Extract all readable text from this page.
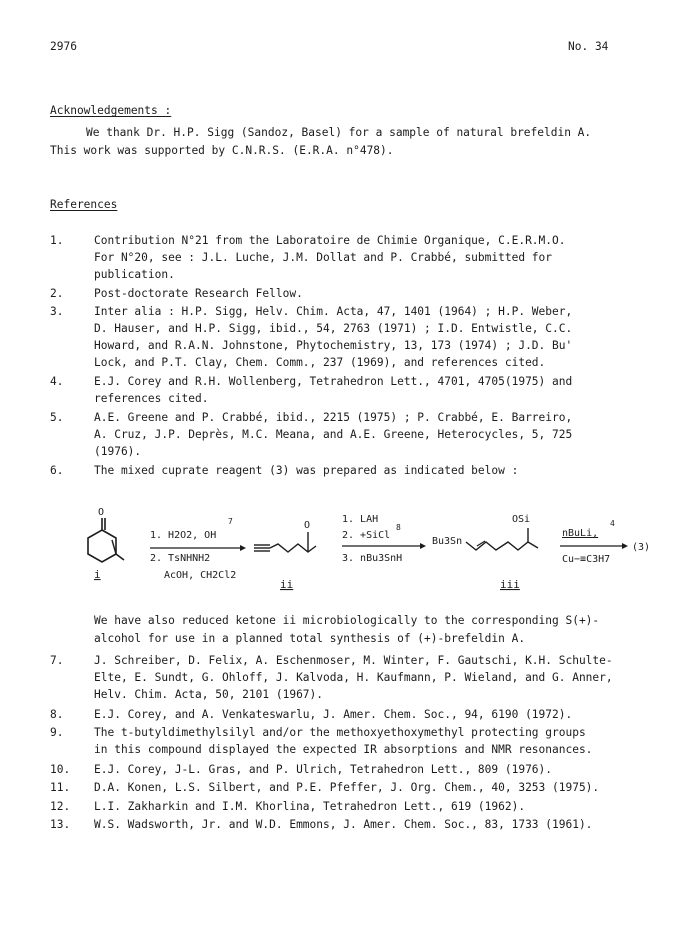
2976	No. 34
Acknowledgements :
We thank Dr. H.P. Sigg (Sandoz, Basel) for a sample of natural brefeldin A.
This work was supported by C.N.R.S. (E.R.A. n°478).
References
1.	Contribution N°21 from the Laboratoire de Chimie Organique, C.E.R.M.O.
For N°20, see : J.L. Luche, J.M. Dollat and P. Crabbé, submitted for
publication.
2.	Post-doctorate Research Fellow.
3.	Inter alia : H.P. Sigg, Helv. Chim. Acta, 47, 1401 (1964) ; H.P. Weber,
D. Hauser, and H.P. Sigg, ibid., 54, 2763 (1971) ; I.D. Entwistle, C.C.
Howard, and R.A.N. Johnstone, Phytochemistry, 13, 173 (1974) ; J.D. Bu'
Lock, and P.T. Clay, Chem. Comm., 237 (1969), and references cited.
4.	E.J. Corey and R.H. Wollenberg, Tetrahedron Lett., 4701, 4705(1975) and
references cited.
5.	A.E. Greene and P. Crabbé, ibid., 2215 (1975) ; P. Crabbé, E. Barreiro,
A. Cruz, J.P. Deprès, M.C. Meana, and A.E. Greene, Heterocycles, 5, 725
(1976).
6.	The mixed cuprate reagent (3) was prepared as indicated below :
O
i
1. H2O2, OH
7
2. TsNHNH2
AcOH, CH2Cl2
O
ii
1. LAH
2. +SiCl
8
3. nBu3SnH
Bu3Sn
OSi
iii
nBuLi,
4
Cu−≡C3H7
(3)
We have also reduced ketone ii microbiologically to the corresponding S(+)-
alcohol for use in a planned total synthesis of (+)-brefeldin A.
7.	J. Schreiber, D. Felix, A. Eschenmoser, M. Winter, F. Gautschi, K.H. Schulte-
Elte, E. Sundt, G. Ohloff, J. Kalvoda, H. Kaufmann, P. Wieland, and G. Anner,
Helv. Chim. Acta, 50, 2101 (1967).
8.	E.J. Corey, and A. Venkateswarlu, J. Amer. Chem. Soc., 94, 6190 (1972).
9.	The t-butyldimethylsilyl and/or the methoxyethoxymethyl protecting groups
in this compound displayed the expected IR absorptions and NMR resonances.
10. E.J. Corey, J-L. Gras, and P. Ulrich, Tetrahedron Lett., 809 (1976).
11. D.A. Konen, L.S. Silbert, and P.E. Pfeffer, J. Org. Chem., 40, 3253 (1975).
12. L.I. Zakharkin and I.M. Khorlina, Tetrahedron Lett., 619 (1962).
13. W.S. Wadsworth, Jr. and W.D. Emmons, J. Amer. Chem. Soc., 83, 1733 (1961).
